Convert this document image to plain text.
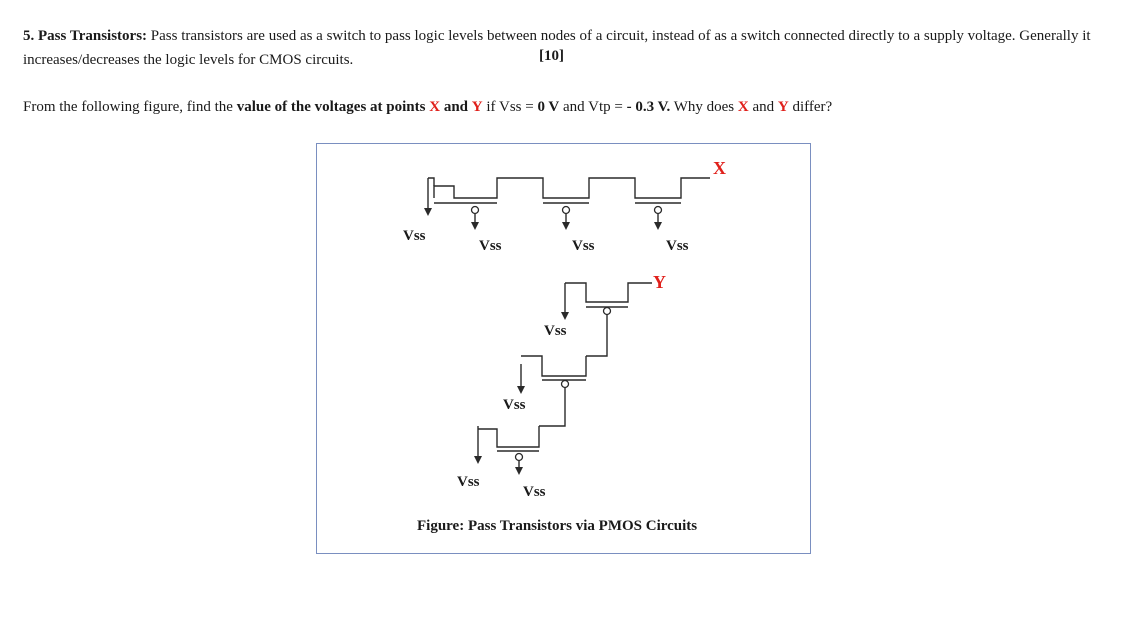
5. Pass Transistors: Pass transistors are used as a switch to pass logic levels between nodes of a circuit, instead of as a switch connected directly to a supply voltage. Generally it increases/decreases the logic levels for CMOS circuits.	[10]
From the following figure, find the value of the voltages at points X and Y if Vss = 0 V and Vtp = - 0.3 V. Why does X and Y differ?
X
Vss
Vss	Vss	Vss
Y
Vss
Vss
Vss
Vss
Figure: Pass Transistors via PMOS Circuits
